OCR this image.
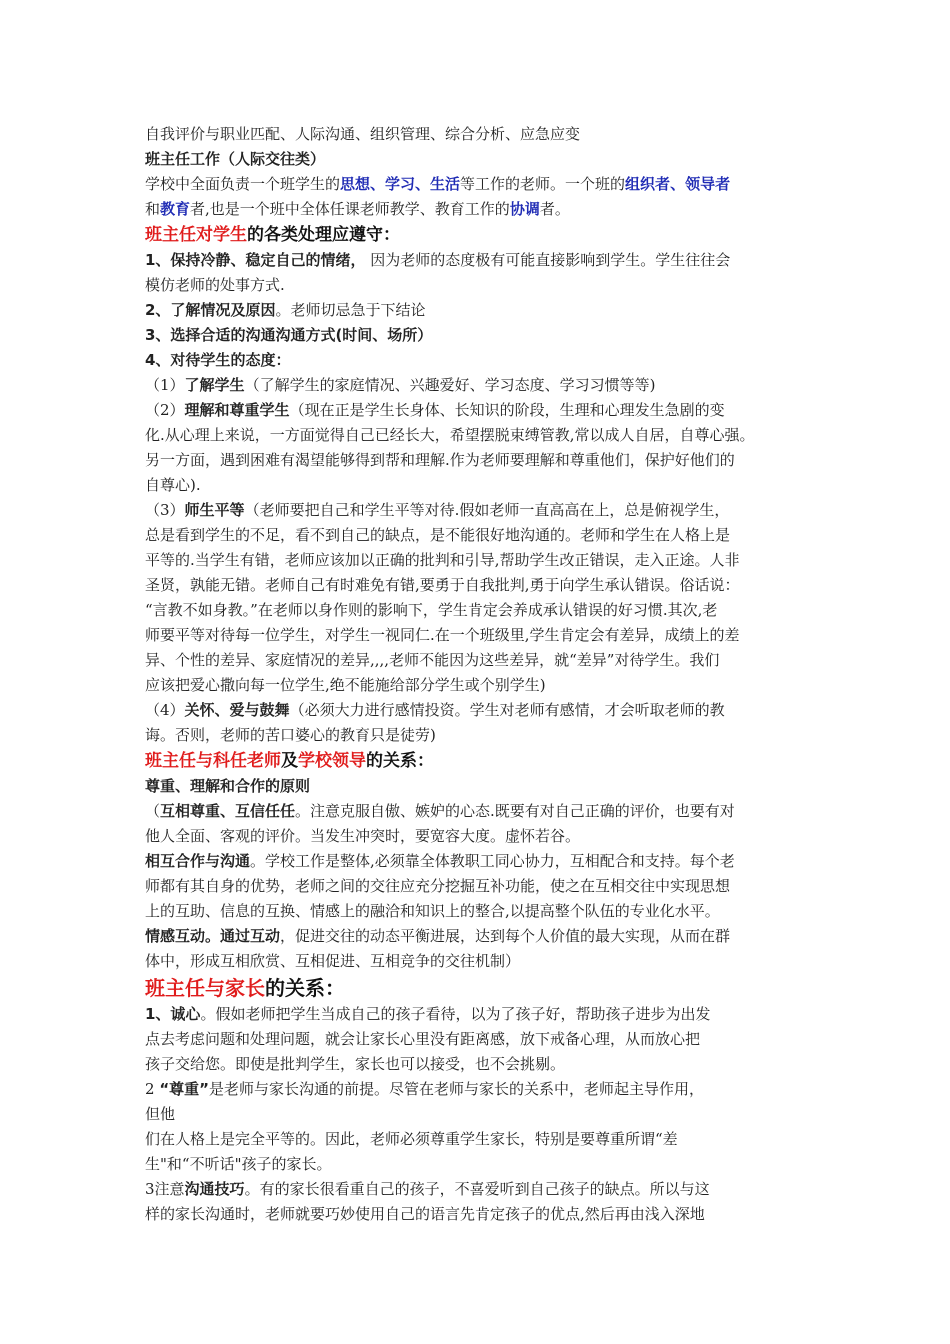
自我评价与职业匹配、人际沟通、组织管理、综合分析、应急应变
班主任工作（人际交往类）
学校中全面负责一个班学生的思想、学习、生活等工作的老师。一个班的组织者、领导者
和教育者,也是一个班中全体任课老师教学、教育工作的协调者。
班主任对学生的各类处理应遵守：
1、保持冷静、稳定自己的情绪， 因为老师的态度极有可能直接影响到学生。学生往往会
模仿老师的处事方式.
2、了解情况及原因。老师切忌急于下结论
3、选择合适的沟通沟通方式(时间、场所）
4、对待学生的态度：
（1）了解学生（了解学生的家庭情况、兴趣爱好、学习态度、学习习惯等等)
（2）理解和尊重学生（现在正是学生长身体、长知识的阶段，生理和心理发生急剧的变
化.从心理上来说，一方面觉得自己已经长大，希望摆脱束缚管教,常以成人自居，自尊心强。
另一方面，遇到困难有渴望能够得到帮和理解.作为老师要理解和尊重他们，保护好他们的
自尊心).
（3）师生平等（老师要把自己和学生平等对待.假如老师一直高高在上，总是俯视学生，
总是看到学生的不足，看不到自己的缺点，是不能很好地沟通的。老师和学生在人格上是
平等的.当学生有错，老师应该加以正确的批判和引导,帮助学生改正错误，走入正途。人非
圣贤，孰能无错。老师自己有时难免有错,要勇于自我批判,勇于向学生承认错误。俗话说：
“言教不如身教。”在老师以身作则的影响下，学生肯定会养成承认错误的好习惯.其次,老
师要平等对待每一位学生，对学生一视同仁.在一个班级里,学生肯定会有差异，成绩上的差
异、个性的差异、家庭情况的差异,,,,老师不能因为这些差异，就“差异”对待学生。我们
应该把爱心撒向每一位学生,绝不能施给部分学生或个别学生)
（4）关怀、爱与鼓舞（必须大力进行感情投资。学生对老师有感情，才会听取老师的教
诲。否则，老师的苦口婆心的教育只是徒劳)
班主任与科任老师及学校领导的关系：
尊重、理解和合作的原则
（互相尊重、互信任任。注意克服自傲、嫉妒的心态.既要有对自己正确的评价，也要有对
他人全面、客观的评价。当发生冲突时，要宽容大度。虚怀若谷。
相互合作与沟通。学校工作是整体,必须靠全体教职工同心协力，互相配合和支持。每个老
师都有其自身的优势，老师之间的交往应充分挖掘互补功能，使之在互相交往中实现思想
上的互助、信息的互换、情感上的融洽和知识上的整合,以提高整个队伍的专业化水平。
情感互动。通过互动，促进交往的动态平衡进展，达到每个人价值的最大实现，从而在群
体中，形成互相欣赏、互相促进、互相竞争的交往机制）
班主任与家长的关系：
1、诚心。假如老师把学生当成自己的孩子看待，以为了孩子好，帮助孩子进步为出发
点去考虑问题和处理问题，就会让家长心里没有距离感，放下戒备心理，从而放心把
孩子交给您。即使是批判学生，家长也可以接受，也不会挑剔。
2 “尊重”是老师与家长沟通的前提。尽管在老师与家长的关系中，老师起主导作用，
但他
们在人格上是完全平等的。因此，老师必须尊重学生家长，特别是要尊重所谓“差
生"和“不听话"孩子的家长。
3注意沟通技巧。有的家长很看重自己的孩子，不喜爱听到自己孩子的缺点。所以与这
样的家长沟通时，老师就要巧妙使用自己的语言先肯定孩子的优点,然后再由浅入深地
